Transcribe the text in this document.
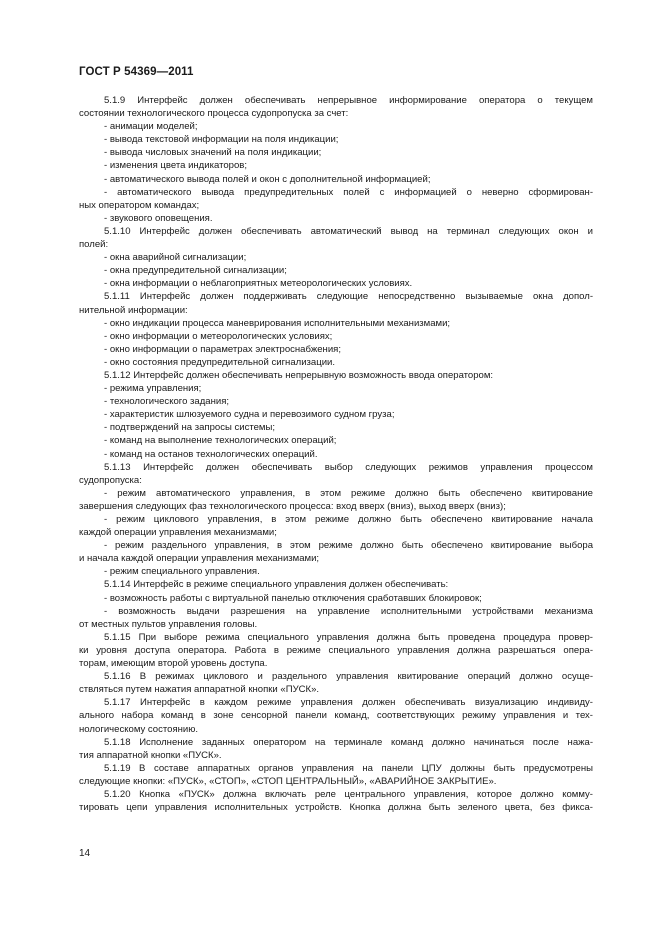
ГОСТ Р 54369—2011

5.1.9 Интерфейс должен обеспечивать непрерывное информирование оператора о текущем

состоянии технологического процесса судопропуска за счет:

- анимации моделей;

- вывода текстовой информации на поля индикации;

- вывода числовых значений на поля индикации;

- изменения цвета индикаторов;

- автоматического вывода полей и окон с дополнительной информацией;

- автоматического вывода предупредительных полей с информацией о неверно сформирован-

ных оператором командах;

- звукового оповещения.

5.1.10 Интерфейс должен обеспечивать автоматический вывод на терминал следующих окон и

полей:

- окна аварийной сигнализации;

- окна предупредительной сигнализации;

- окна информации о неблагоприятных метеорологических условиях.

5.1.11 Интерфейс должен поддерживать следующие непосредственно вызываемые окна допол-

нительной информации:

- окно индикации процесса маневрирования исполнительными механизмами;

- окно информации о метеорологических условиях;

- окно информации о параметрах электроснабжения;

- окно состояния предупредительной сигнализации.

5.1.12 Интерфейс должен обеспечивать непрерывную возможность ввода оператором:

- режима управления;

- технологического задания;

- характеристик шлюзуемого судна и перевозимого судном груза;

- подтверждений на запросы системы;

- команд на выполнение технологических операций;

- команд на останов технологических операций.

5.1.13 Интерфейс должен обеспечивать выбор следующих режимов управления процессом

судопропуска:

- режим автоматического управления, в этом режиме должно быть обеспечено квитирование

завершения следующих фаз технологического процесса: вход вверх (вниз), выход вверх (вниз);

- режим циклового управления, в этом режиме должно быть обеспечено квитирование начала

каждой операции управления механизмами;

- режим раздельного управления, в этом режиме должно быть обеспечено квитирование выбора

и начала каждой операции управления механизмами;

- режим специального управления.

5.1.14 Интерфейс в режиме специального управления должен обеспечивать:

- возможность работы с виртуальной панелью отключения сработавших блокировок;

- возможность выдачи разрешения на управление исполнительными устройствами механизма

от местных пультов управления головы.

5.1.15 При выборе режима специального управления должна быть проведена процедура провер-

ки уровня доступа оператора. Работа в режиме специального управления должна разрешаться опера-

торам, имеющим второй уровень доступа.

5.1.16 В режимах циклового и раздельного управления квитирование операций должно осуще-

ствляться путем нажатия аппаратной кнопки «ПУСК».

5.1.17 Интерфейс в каждом режиме управления должен обеспечивать визуализацию индивиду-

ального набора команд в зоне сенсорной панели команд, соответствующих режиму управления и тех-

нологическому состоянию.

5.1.18 Исполнение заданных оператором на терминале команд должно начинаться после нажа-

тия аппаратной кнопки «ПУСК».

5.1.19 В составе аппаратных органов управления на панели ЦПУ должны быть предусмотрены

следующие кнопки: «ПУСК», «СТОП», «СТОП ЦЕНТРАЛЬНЫЙ», «АВАРИЙНОЕ ЗАКРЫТИЕ».

5.1.20 Кнопка «ПУСК» должна включать реле центрального управления, которое должно комму-

тировать цепи управления исполнительных устройств. Кнопка должна быть зеленого цвета, без фикса-

14
